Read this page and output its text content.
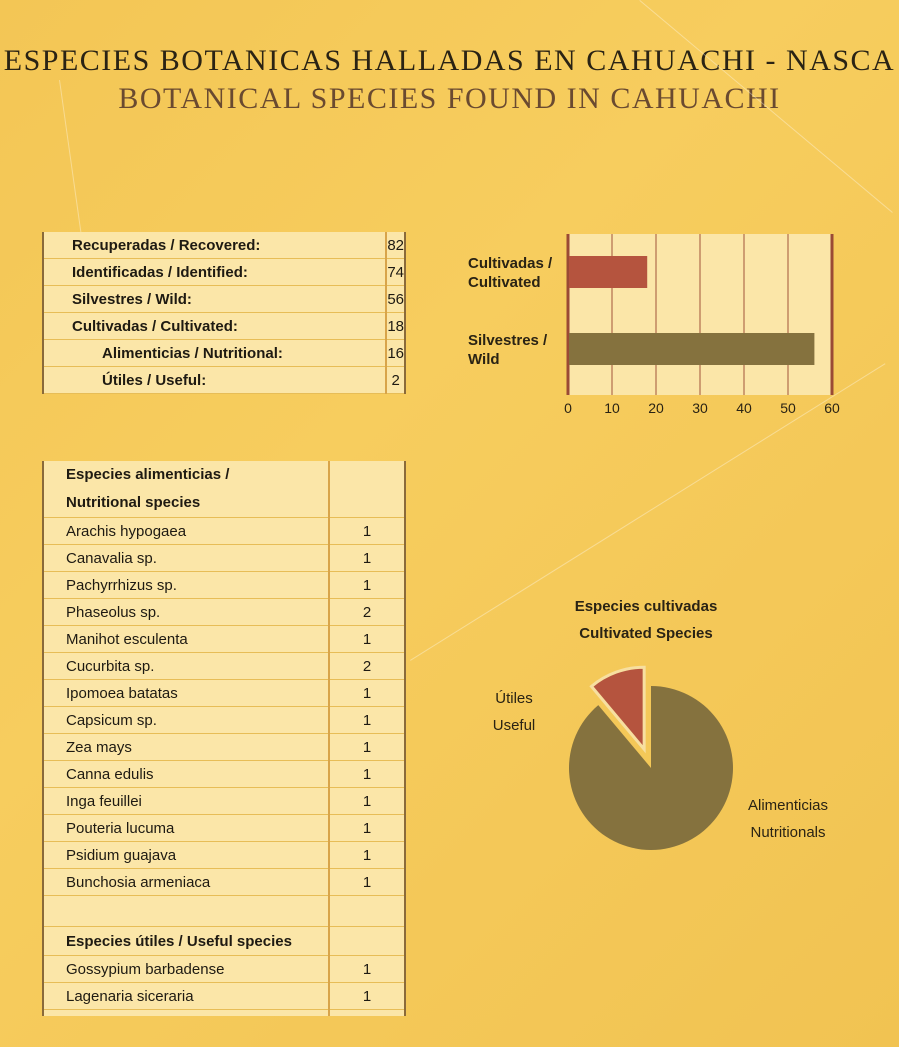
ESPECIES BOTANICAS HALLADAS EN CAHUACHI - NASCA
BOTANICAL SPECIES FOUND IN CAHUACHI
Recuperadas / Recovered:	82
Identificadas / Identified:	74
Silvestres / Wild:	56
Cultivadas / Cultivated:	18
Alimenticias / Nutritional:	16
Útiles / Useful:	2
Especies alimenticias /
Nutritional species	
Arachis hypogaea	1
Canavalia sp.	1
Pachyrrhizus sp.	1
Phaseolus sp.	2
Manihot esculenta	1
Cucurbita sp.	2
Ipomoea batatas	1
Capsicum sp.	1
Zea mays	1
Canna edulis	1
Inga feuillei	1
Pouteria lucuma	1
Psidium guajava	1
Bunchosia armeniaca	1

Especies útiles / Useful species	
Gossypium barbadense	1
Lagenaria siceraria	1

Cultivadas /
Cultivated
Silvestres /
Wild
0 10 20 30 40 50 60
Especies cultivadas
Cultivated Species
Útiles
Useful
Alimenticias
Nutritionals
